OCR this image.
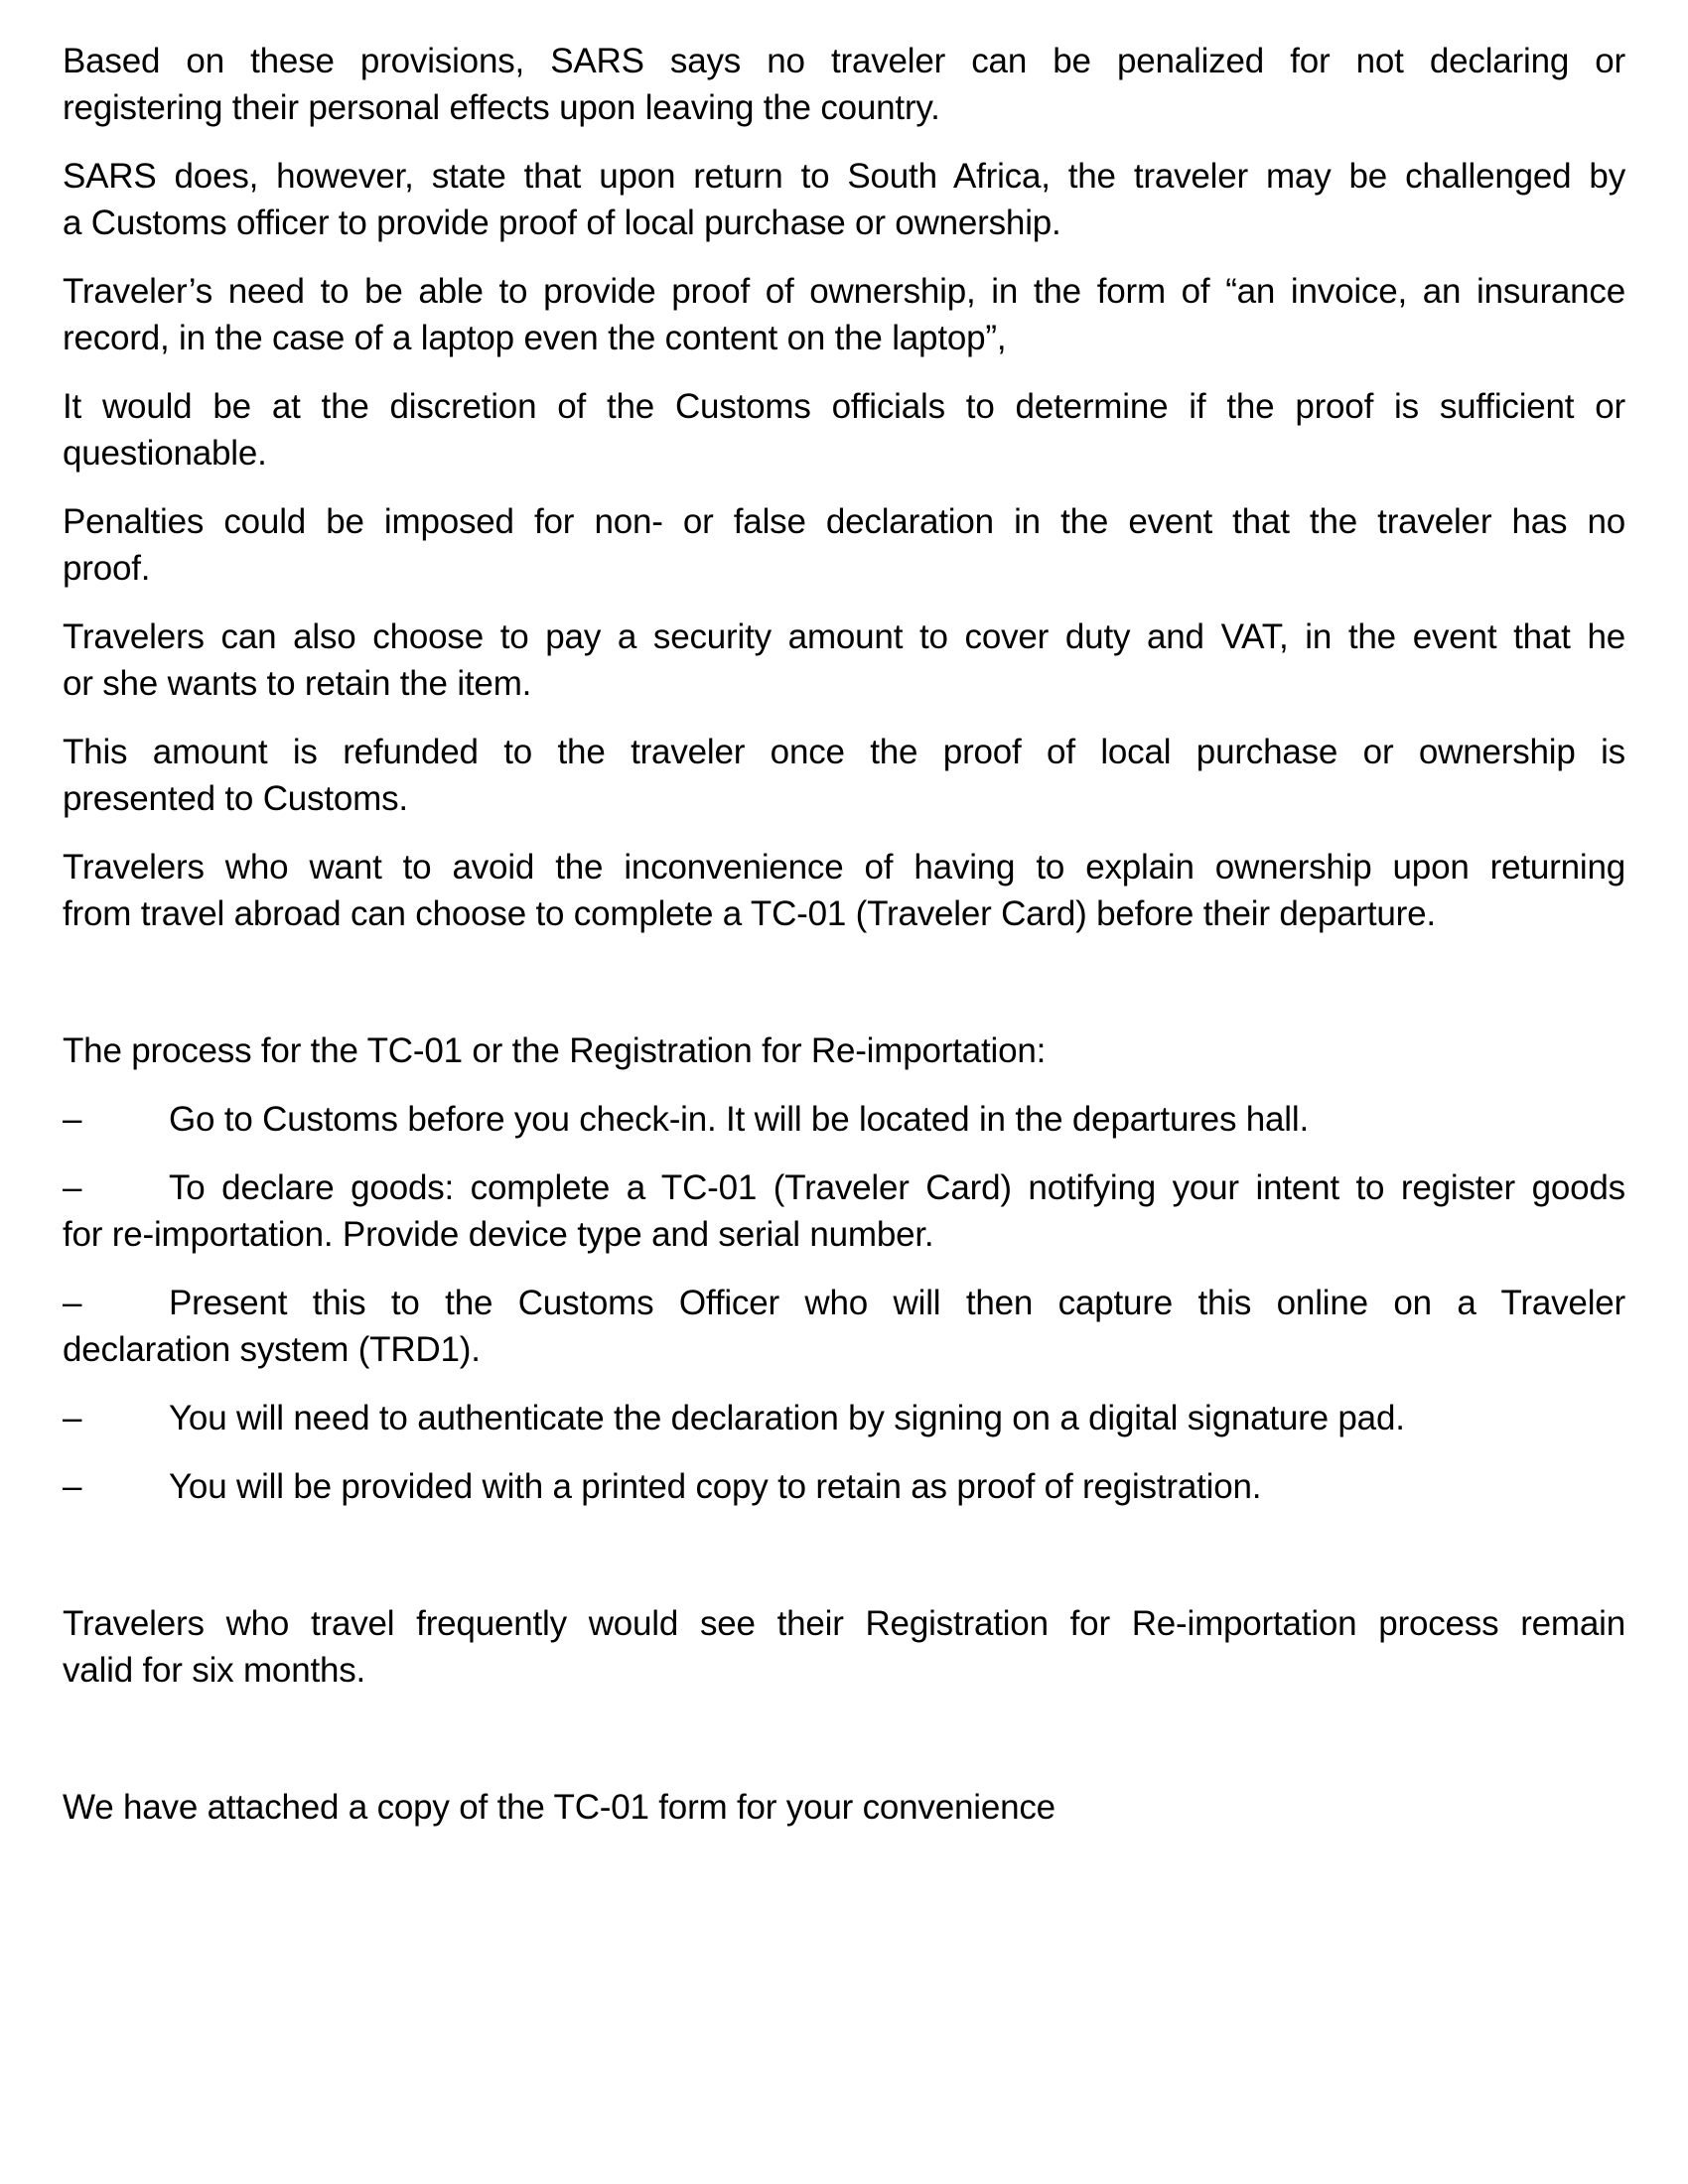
Based on these provisions, SARS says no traveler can be penalized for not declaring or
registering their personal effects upon leaving the country.
SARS does, however, state that upon return to South Africa, the traveler may be challenged by
a Customs officer to provide proof of local purchase or ownership.
Traveler’s need to be able to provide proof of ownership, in the form of “an invoice, an insurance
record, in the case of a laptop even the content on the laptop”,
It would be at the discretion of the Customs officials to determine if the proof is sufficient or
questionable.
Penalties could be imposed for non- or false declaration in the event that the traveler has no
proof.
Travelers can also choose to pay a security amount to cover duty and VAT, in the event that he
or she wants to retain the item.
This amount is refunded to the traveler once the proof of local purchase or ownership is
presented to Customs.
Travelers who want to avoid the inconvenience of having to explain ownership upon returning
from travel abroad can choose to complete a TC-01 (Traveler Card) before their departure.
The process for the TC-01 or the Registration for Re-importation:
–	Go to Customs before you check-in. It will be located in the departures hall.
–	To declare goods: complete a TC-01 (Traveler Card) notifying your intent to register goods
for re-importation. Provide device type and serial number.
–	Present this to the Customs Officer who will then capture this online on a Traveler
declaration system (TRD1).
–	You will need to authenticate the declaration by signing on a digital signature pad.
–	You will be provided with a printed copy to retain as proof of registration.
Travelers who travel frequently would see their Registration for Re-importation process remain
valid for six months.
We have attached a copy of the TC-01 form for your convenience
